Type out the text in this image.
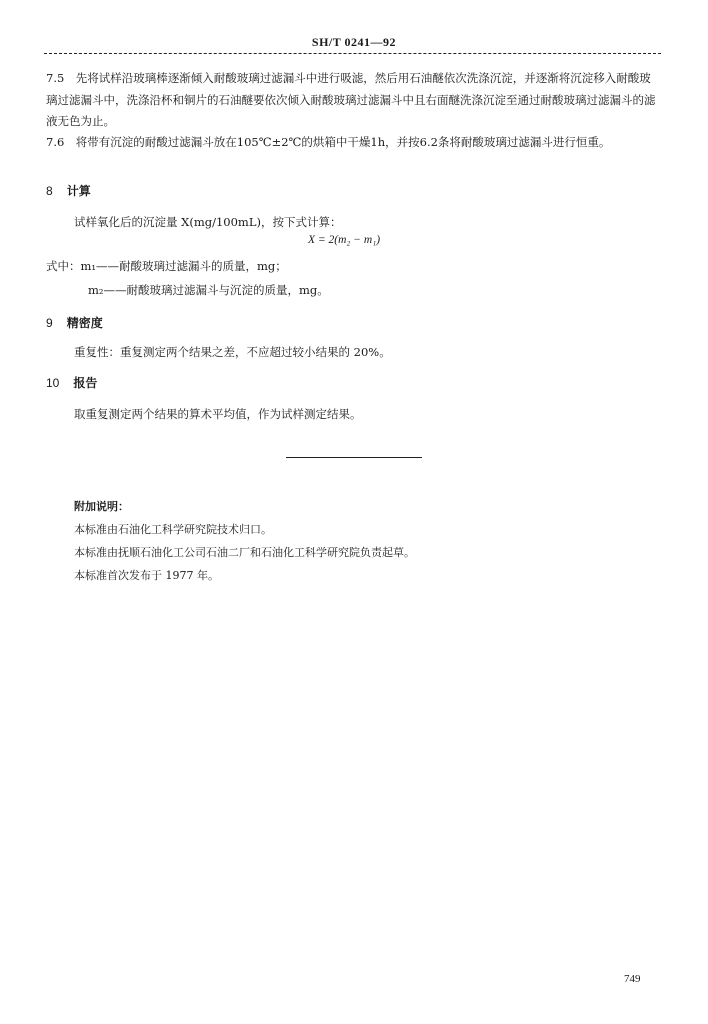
SH/T 0241—92
7.5　先将试样沿玻璃棒逐渐倾入耐酸玻璃过滤漏斗中进行吸滤，然后用石油醚依次洗涤沉淀，并逐渐将沉淀移入耐酸玻璃过滤漏斗中，洗涤沿杯和铜片的石油醚要依次倾入耐酸玻璃过滤漏斗中且右面醚洗涤沉淀至通过耐酸玻璃过滤漏斗的滤液无色为止。
7.6　将带有沉淀的耐酸过滤漏斗放在105℃±2℃的烘箱中干燥1h，并按6.2条将耐酸玻璃过滤漏斗进行恒重。
8 计算
试样氧化后的沉淀量 X(mg/100mL)，按下式计算：
X = 2(m₂ − m₁)
式中：m₁——耐酸玻璃过滤漏斗的质量，mg；
m₂——耐酸玻璃过滤漏斗与沉淀的质量，mg。
9 精密度
重复性：重复测定两个结果之差，不应超过较小结果的 20%。
10 报告
取重复测定两个结果的算术平均值，作为试样测定结果。
附加说明：
本标准由石油化工科学研究院技术归口。
本标准由抚顺石油化工公司石油二厂和石油化工科学研究院负责起草。
本标准首次发布于 1977 年。
749
